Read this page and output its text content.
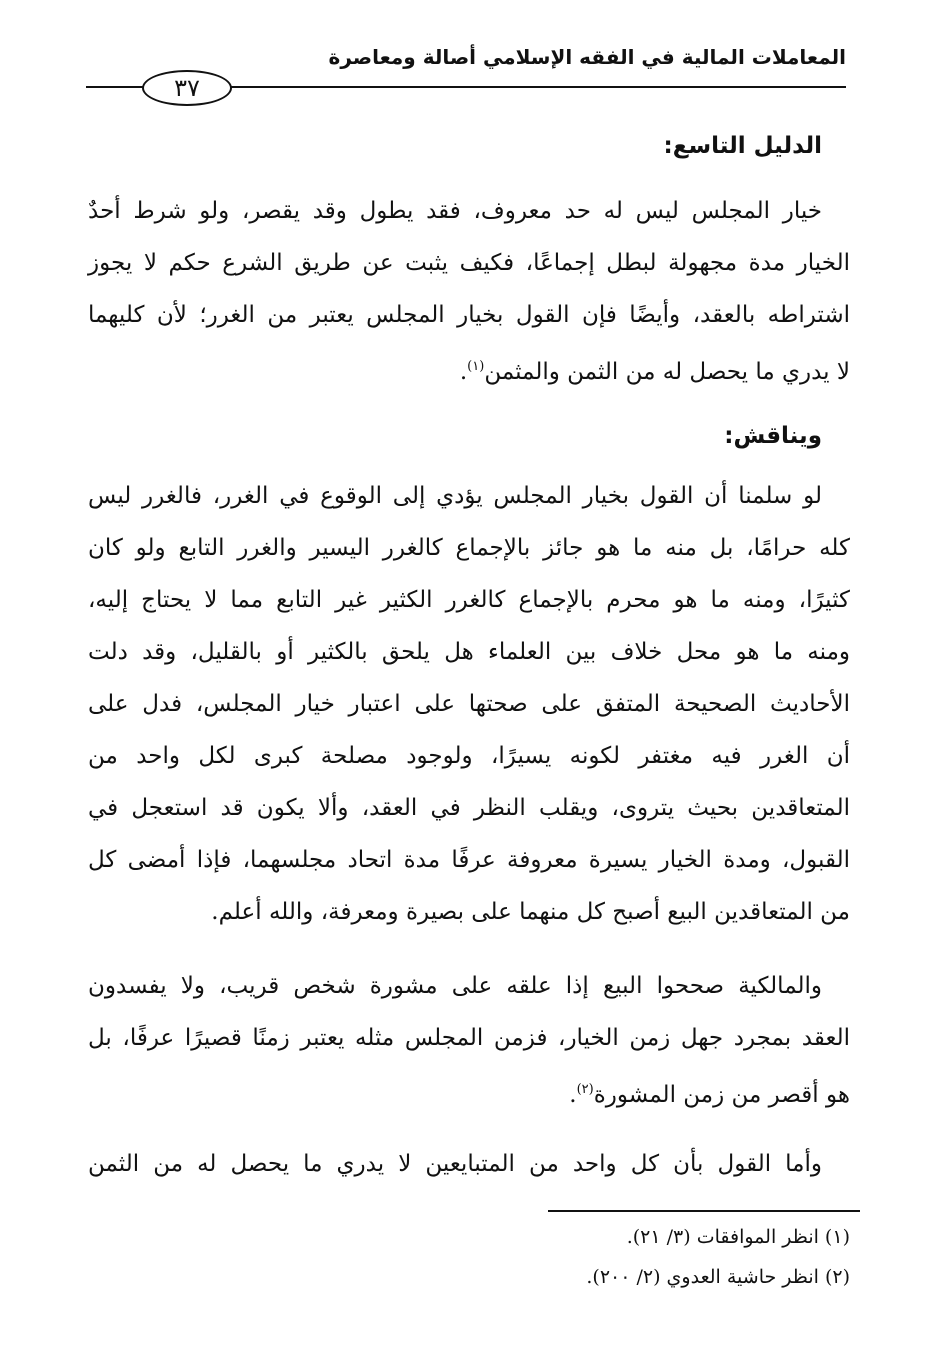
المعاملات المالية في الفقه الإسلامي أصالة ومعاصرة
٣٧
الدليل التاسع:
خيار المجلس ليس له حد معروف، فقد يطول وقد يقصر، ولو شرط أحدٌ
الخيار مدة مجهولة لبطل إجماعًا، فكيف يثبت عن طريق الشرع حكم لا يجوز
اشتراطه بالعقد، وأيضًا فإن القول بخيار المجلس يعتبر من الغرر؛ لأن كليهما
لا يدري ما يحصل له من الثمن والمثمن$^{(١)}$.
ويناقش:
لو سلمنا أن القول بخيار المجلس يؤدي إلى الوقوع في الغرر، فالغرر ليس
كله حرامًا، بل منه ما هو جائز بالإجماع كالغرر اليسير والغرر التابع ولو كان
كثيرًا، ومنه ما هو محرم بالإجماع كالغرر الكثير غير التابع مما لا يحتاج إليه،
ومنه ما هو محل خلاف بين العلماء هل يلحق بالكثير أو بالقليل، وقد دلت
الأحاديث الصحيحة المتفق على صحتها على اعتبار خيار المجلس، فدل على
أن الغرر فيه مغتفر لكونه يسيرًا، ولوجود مصلحة كبرى لكل واحد من
المتعاقدين بحيث يتروى، ويقلب النظر في العقد، وألا يكون قد استعجل في
القبول، ومدة الخيار يسيرة معروفة عرفًا مدة اتحاد مجلسهما، فإذا أمضى كل
من المتعاقدين البيع أصبح كل منهما على بصيرة ومعرفة، والله أعلم.
والمالكية صححوا البيع إذا علقه على مشورة شخص قريب، ولا يفسدون
العقد بمجرد جهل زمن الخيار، فزمن المجلس مثله يعتبر زمنًا قصيرًا عرفًا، بل
هو أقصر من زمن المشورة$^{(٢)}$.
وأما القول بأن كل واحد من المتبايعين لا يدري ما يحصل له من الثمن
(١) انظر الموافقات (٣/ ٢١).
(٢) انظر حاشية العدوي (٢/ ٢٠٠).
